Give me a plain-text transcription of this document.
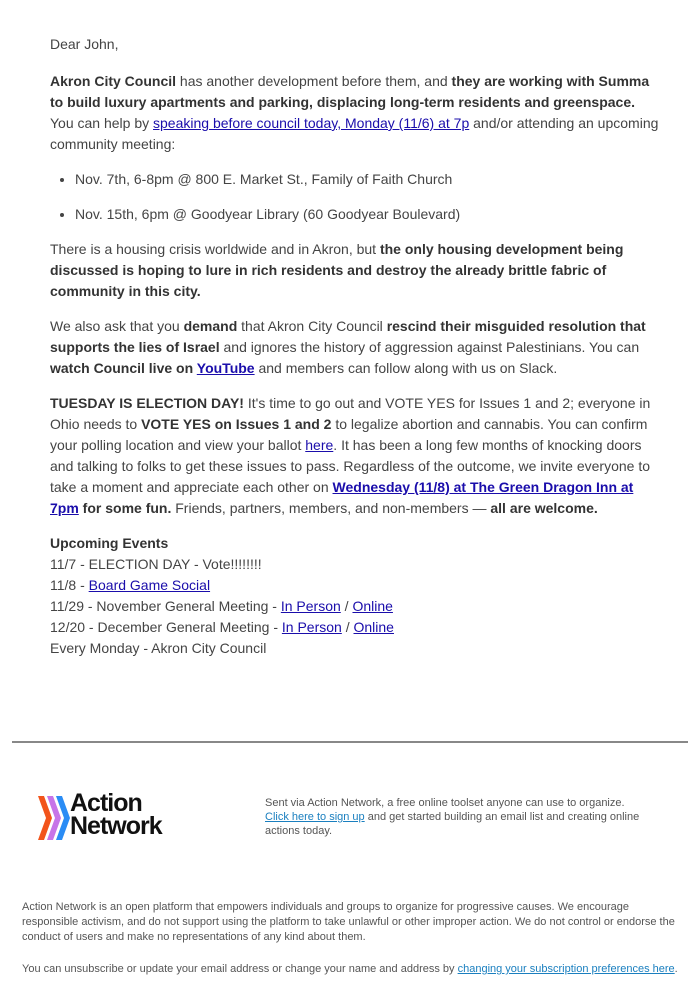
Dear John,

Akron City Council has another development before them, and they are working with Summa to build luxury apartments and parking, displacing long-term residents and greenspace. You can help by speaking before council today, Monday (11/6) at 7p and/or attending an upcoming community meeting:

• Nov. 7th, 6-8pm @ 800 E. Market St., Family of Faith Church
• Nov. 15th, 6pm @ Goodyear Library (60 Goodyear Boulevard)

There is a housing crisis worldwide and in Akron, but the only housing development being discussed is hoping to lure in rich residents and destroy the already brittle fabric of community in this city.

We also ask that you demand that Akron City Council rescind their misguided resolution that supports the lies of Israel and ignores the history of aggression against Palestinians. You can watch Council live on YouTube and members can follow along with us on Slack.

TUESDAY IS ELECTION DAY! It's time to go out and VOTE YES for Issues 1 and 2; everyone in Ohio needs to VOTE YES on Issues 1 and 2 to legalize abortion and cannabis. You can confirm your polling location and view your ballot here. It has been a long few months of knocking doors and talking to folks to get these issues to pass. Regardless of the outcome, we invite everyone to take a moment and appreciate each other on Wednesday (11/8) at The Green Dragon Inn at 7pm for some fun. Friends, partners, members, and non-members — all are welcome.

Upcoming Events
11/7 - ELECTION DAY - Vote!!!!!!!!
11/8 - Board Game Social
11/29 - November General Meeting - In Person / Online
12/20 - December General Meeting - In Person / Online
Every Monday - Akron City Council
Action
Network
Sent via Action Network, a free online toolset anyone can use to organize.
Click here to sign up and get started building an email list and creating online actions today.
Action Network is an open platform that empowers individuals and groups to organize for progressive causes. We encourage responsible activism, and do not support using the platform to take unlawful or other improper action. We do not control or endorse the conduct of users and make no representations of any kind about them.
You can unsubscribe or update your email address or change your name and address by changing your subscription preferences here.
